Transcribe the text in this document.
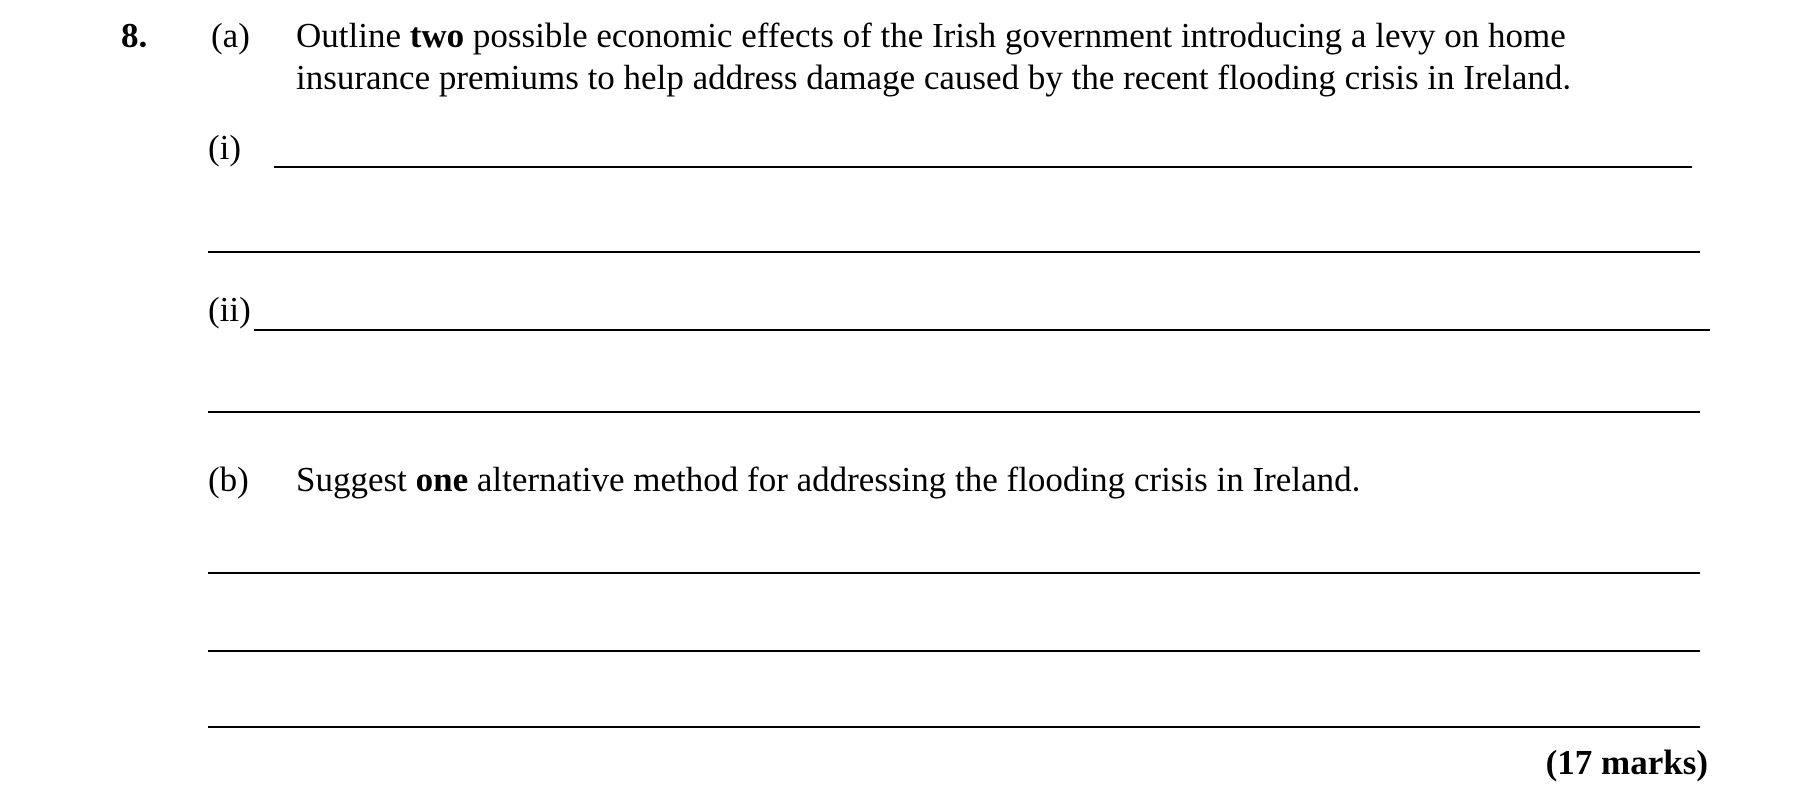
8. (a) Outline two possible economic effects of the Irish government introducing a levy on home
insurance premiums to help address damage caused by the recent flooding crisis in Ireland.
(i)
(ii)
(b) Suggest one alternative method for addressing the flooding crisis in Ireland.
(17 marks)
